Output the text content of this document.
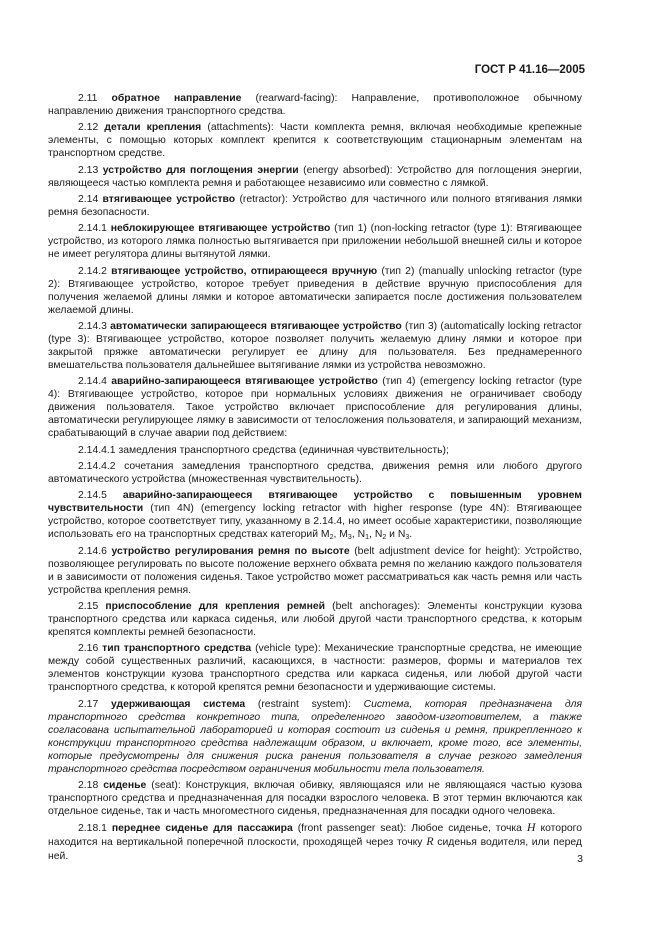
ГОСТ Р 41.16—2005

2.11 обратное направление (rearward-facing): Направление, противоположное обычному направлению движения транспортного средства.

2.12 детали крепления (attachments): Части комплекта ремня, включая необходимые крепежные элементы, с помощью которых комплект крепится к соответствующим стационарным элементам на транспортном средстве.

2.13 устройство для поглощения энергии (energy absorbed): Устройство для поглощения энергии, являющееся частью комплекта ремня и работающее независимо или совместно с лямкой.

2.14 втягивающее устройство (retractor): Устройство для частичного или полного втягивания лямки ремня безопасности.

2.14.1 неблокирующее втягивающее устройство (тип 1) (non-locking retractor (type 1): Втягивающее устройство, из которого лямка полностью вытягивается при приложении небольшой внешней силы и которое не имеет регулятора длины вытянутой лямки.

2.14.2 втягивающее устройство, отпирающееся вручную (тип 2) (manually unlocking retractor (type 2): Втягивающее устройство, которое требует приведения в действие вручную приспособления для получения желаемой длины лямки и которое автоматически запирается после достижения пользователем желаемой длины.

2.14.3 автоматически запирающееся втягивающее устройство (тип 3) (automatically locking retractor (type 3): Втягивающее устройство, которое позволяет получить желаемую длину лямки и которое при закрытой пряжке автоматически регулирует ее длину для пользователя. Без преднамеренного вмешательства пользователя дальнейшее вытягивание лямки из устройства невозможно.

2.14.4 аварийно-запирающееся втягивающее устройство (тип 4) (emergency locking retractor (type 4): Втягивающее устройство, которое при нормальных условиях движения не ограничивает свободу движения пользователя. Такое устройство включает приспособление для регулирования длины, автоматически регулирующее лямку в зависимости от телосложения пользователя, и запирающий механизм, срабатывающий в случае аварии под действием:

2.14.4.1 замедления транспортного средства (единичная чувствительность);

2.14.4.2 сочетания замедления транспортного средства, движения ремня или любого другого автоматического устройства (множественная чувствительность).

2.14.5 аварийно-запирающееся втягивающее устройство с повышенным уровнем чувствительности (тип 4N) (emergency locking retractor with higher response (type 4N): Втягивающее устройство, которое соответствует типу, указанному в 2.14.4, но имеет особые характеристики, позволяющие использовать его на транспортных средствах категорий $M_2$, $M_3$, $N_1$, $N_2$ и $N_3$.

2.14.6 устройство регулирования ремня по высоте (belt adjustment device for height): Устройство, позволяющее регулировать по высоте положение верхнего обхвата ремня по желанию каждого пользователя и в зависимости от положения сиденья. Такое устройство может рассматриваться как часть ремня или часть устройства крепления ремня.

2.15 приспособление для крепления ремней (belt anchorages): Элементы конструкции кузова транспортного средства или каркаса сиденья, или любой другой части транспортного средства, к которым крепятся комплекты ремней безопасности.

2.16 тип транспортного средства (vehicle type): Механические транспортные средства, не имеющие между собой существенных различий, касающихся, в частности: размеров, формы и материалов тех элементов конструкции кузова транспортного средства или каркаса сиденья, или любой другой части транспортного средства, к которой крепятся ремни безопасности и удерживающие системы.

2.17 удерживающая система (restraint system): Система, которая предназначена для транспортного средства конкретного типа, определенного заводом-изготовителем, а также согласована испытательной лабораторией и которая состоит из сиденья и ремня, прикрепленного к конструкции транспортного средства надлежащим образом, и включает, кроме того, все элементы, которые предусмотрены для снижения риска ранения пользователя в случае резкого замедления транспортного средства посредством ограничения мобильности тела пользователя.

2.18 сиденье (seat): Конструкция, включая обивку, являющаяся или не являющаяся частью кузова транспортного средства и предназначенная для посадки взрослого человека. В этот термин включаются как отдельное сиденье, так и часть многоместного сиденья, предназначенная для посадки одного человека.

2.18.1 переднее сиденье для пассажира (front passenger seat): Любое сиденье, точка H которого находится на вертикальной поперечной плоскости, проходящей через точку R сиденья водителя, или перед ней.	3
